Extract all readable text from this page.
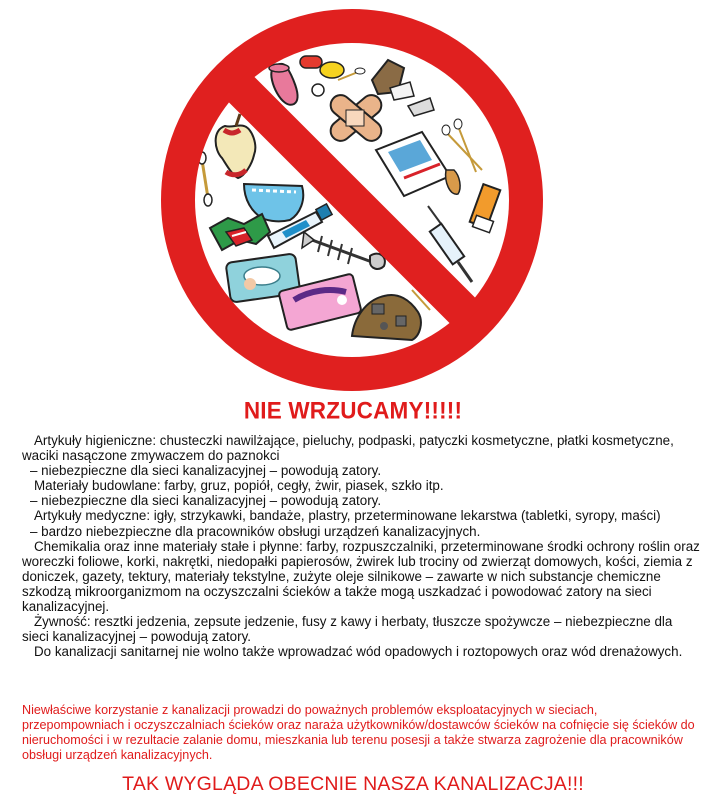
NIE WRZUCAMY!!!!!

Artykuły higieniczne: chusteczki nawilżające, pieluchy, podpaski, patyczki kosmetyczne, płatki kosmetyczne, waciki nasączone zmywaczem do paznokci

– niebezpieczne dla sieci kanalizacyjnej – powodują zatory.

Materiały budowlane: farby, gruz, popiół, cegły, żwir, piasek, szkło itp.

– niebezpieczne dla sieci kanalizacyjnej – powodują zatory.

Artykuły medyczne: igły, strzykawki, bandaże, plastry, przeterminowane lekarstwa (tabletki, syropy, maści)

– bardzo niebezpieczne dla pracowników obsługi urządzeń kanalizacyjnych.

Chemikalia oraz inne materiały stałe i płynne: farby, rozpuszczalniki, przeterminowane środki ochrony roślin oraz woreczki foliowe, korki, nakrętki, niedopałki papierosów, żwirek lub trociny od zwierząt domowych, kości, ziemia z doniczek, gazety, tektury, materiały tekstylne, zużyte oleje silnikowe – zawarte w nich substancje chemiczne szkodzą mikroorganizmom na oczyszczalni ścieków a także mogą uszkadzać i powodować zatory na sieci kanalizacyjnej.

Żywność: resztki jedzenia, zepsute jedzenie, fusy z kawy i herbaty, tłuszcze spożywcze – niebezpieczne dla sieci kanalizacyjnej – powodują zatory.

Do kanalizacji sanitarnej nie wolno także wprowadzać wód opadowych i roztopowych oraz wód drenażowych.

Niewłaściwe korzystanie z kanalizacji prowadzi do poważnych problemów eksploatacyjnych w sieciach, przepompowniach i oczyszczalniach ścieków oraz naraża użytkowników/dostawców ścieków na cofnięcie się ścieków do nieruchomości i w rezultacie zalanie domu, mieszkania lub terenu posesji a także stwarza zagrożenie dla pracowników obsługi urządzeń kanalizacyjnych.
TAK WYGLĄDA OBECNIE NASZA KANALIZACJA!!!
